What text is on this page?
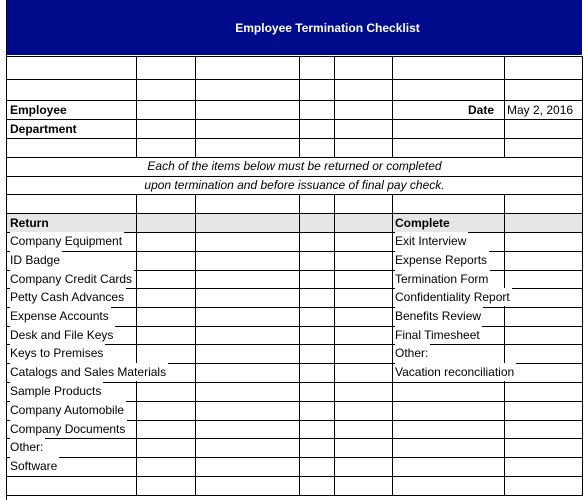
Employee Termination Checklist
Employee
Department
Date May 2, 2016
Each of the items below must be returned or completed
upon termination and before issuance of final pay check.
Return	Complete
Company Equipment
ID Badge
Company Credit Cards
Petty Cash Advances
Expense Accounts
Desk and File Keys
Keys to Premises
Catalogs and Sales Materials
Sample Products
Company Automobile
Company Documents
Other:
Software
Exit Interview
Expense Reports
Termination Form
Confidentiality Report
Benefits Review
Final Timesheet
Other:
Vacation reconciliation
